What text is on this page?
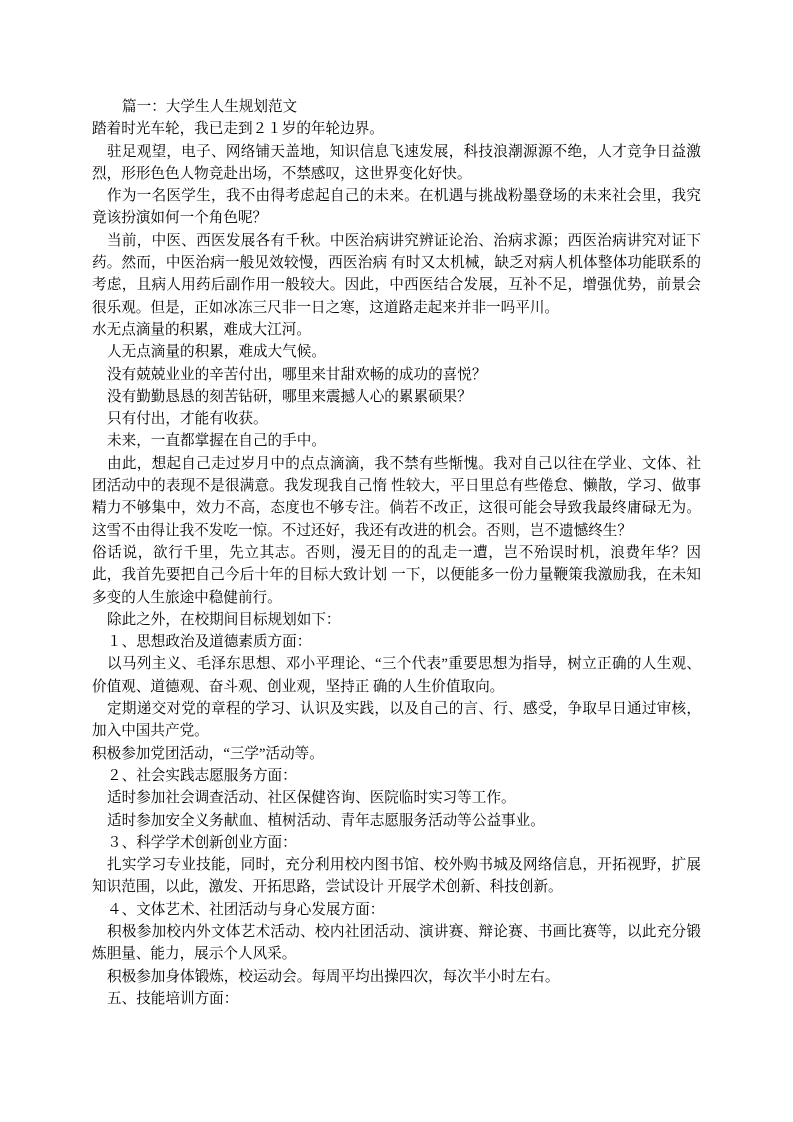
篇一：大学生人生规划范文

踏着时光车轮，我已走到２１岁的年轮边界。

驻足观望，电子、网络铺天盖地，知识信息飞速发展，科技浪潮源源不绝，人才竞争日益激烈，形形色色人物竞赴出场，不禁感叹，这世界变化好快。

作为一名医学生，我不由得考虑起自己的未来。在机遇与挑战粉墨登场的未来社会里，我究竟该扮演如何一个角色呢？

当前，中医、西医发展各有千秋。中医治病讲究辨证论治、治病求源；西医治病讲究对证下药。然而，中医治病一般见效较慢，西医治病 有时又太机械，缺乏对病人机体整体功能联系的考虑，且病人用药后副作用一般较大。因此，中西医结合发展，互补不足，增强优势，前景会 很乐观。但是，正如冰冻三尺非一日之寒，这道路走起来并非一吗平川。

水无点滴量的积累，难成大江河。

人无点滴量的积累，难成大气候。

没有兢兢业业的辛苦付出，哪里来甘甜欢畅的成功的喜悦？

没有勤勤恳恳的刻苦钻研，哪里来震撼人心的累累硕果？

只有付出，才能有收获。

未来，一直都掌握在自己的手中。

由此，想起自己走过岁月中的点点滴滴，我不禁有些惭愧。我对自己以往在学业、文体、社团活动中的表现不是很满意。我发现我自己惰 性较大，平日里总有些倦怠、懒散，学习、做事精力不够集中，效力不高，态度也不够专注。倘若不改正，这很可能会导致我最终庸碌无为。 这雪不由得让我不发吃一惊。不过还好，我还有改进的机会。否则，岂不遗憾终生？

俗话说，欲行千里，先立其志。否则，漫无目的的乱走一遭，岂不殆误时机，浪费年华？因此，我首先要把自己今后十年的目标大致计划 一下，以便能多一份力量鞭策我激励我，在未知多变的人生旅途中稳健前行。

除此之外，在校期间目标规划如下：

１、思想政治及道德素质方面：

以马列主义、毛泽东思想、邓小平理论、“三个代表”重要思想为指导，树立正确的人生观、价值观、道德观、奋斗观、创业观，坚持正 确的人生价值取向。

定期递交对党的章程的学习、认识及实践，以及自己的言、行、感受，争取早日通过审核，加入中国共产党。

积极参加党团活动，“三学”活动等。

２、社会实践志愿服务方面：

适时参加社会调查活动、社区保健咨询、医院临时实习等工作。

适时参加安全义务献血、植树活动、青年志愿服务活动等公益事业。

３、科学学术创新创业方面：

扎实学习专业技能，同时，充分利用校内图书馆、校外购书城及网络信息，开拓视野，扩展知识范围，以此，激发、开拓思路，尝试设计 开展学术创新、科技创新。

４、文体艺术、社团活动与身心发展方面：

积极参加校内外文体艺术活动、校内社团活动、演讲赛、辩论赛、书画比赛等，以此充分锻炼胆量、能力，展示个人风采。

积极参加身体锻炼，校运动会。每周平均出操四次，每次半小时左右。

五、技能培训方面：
